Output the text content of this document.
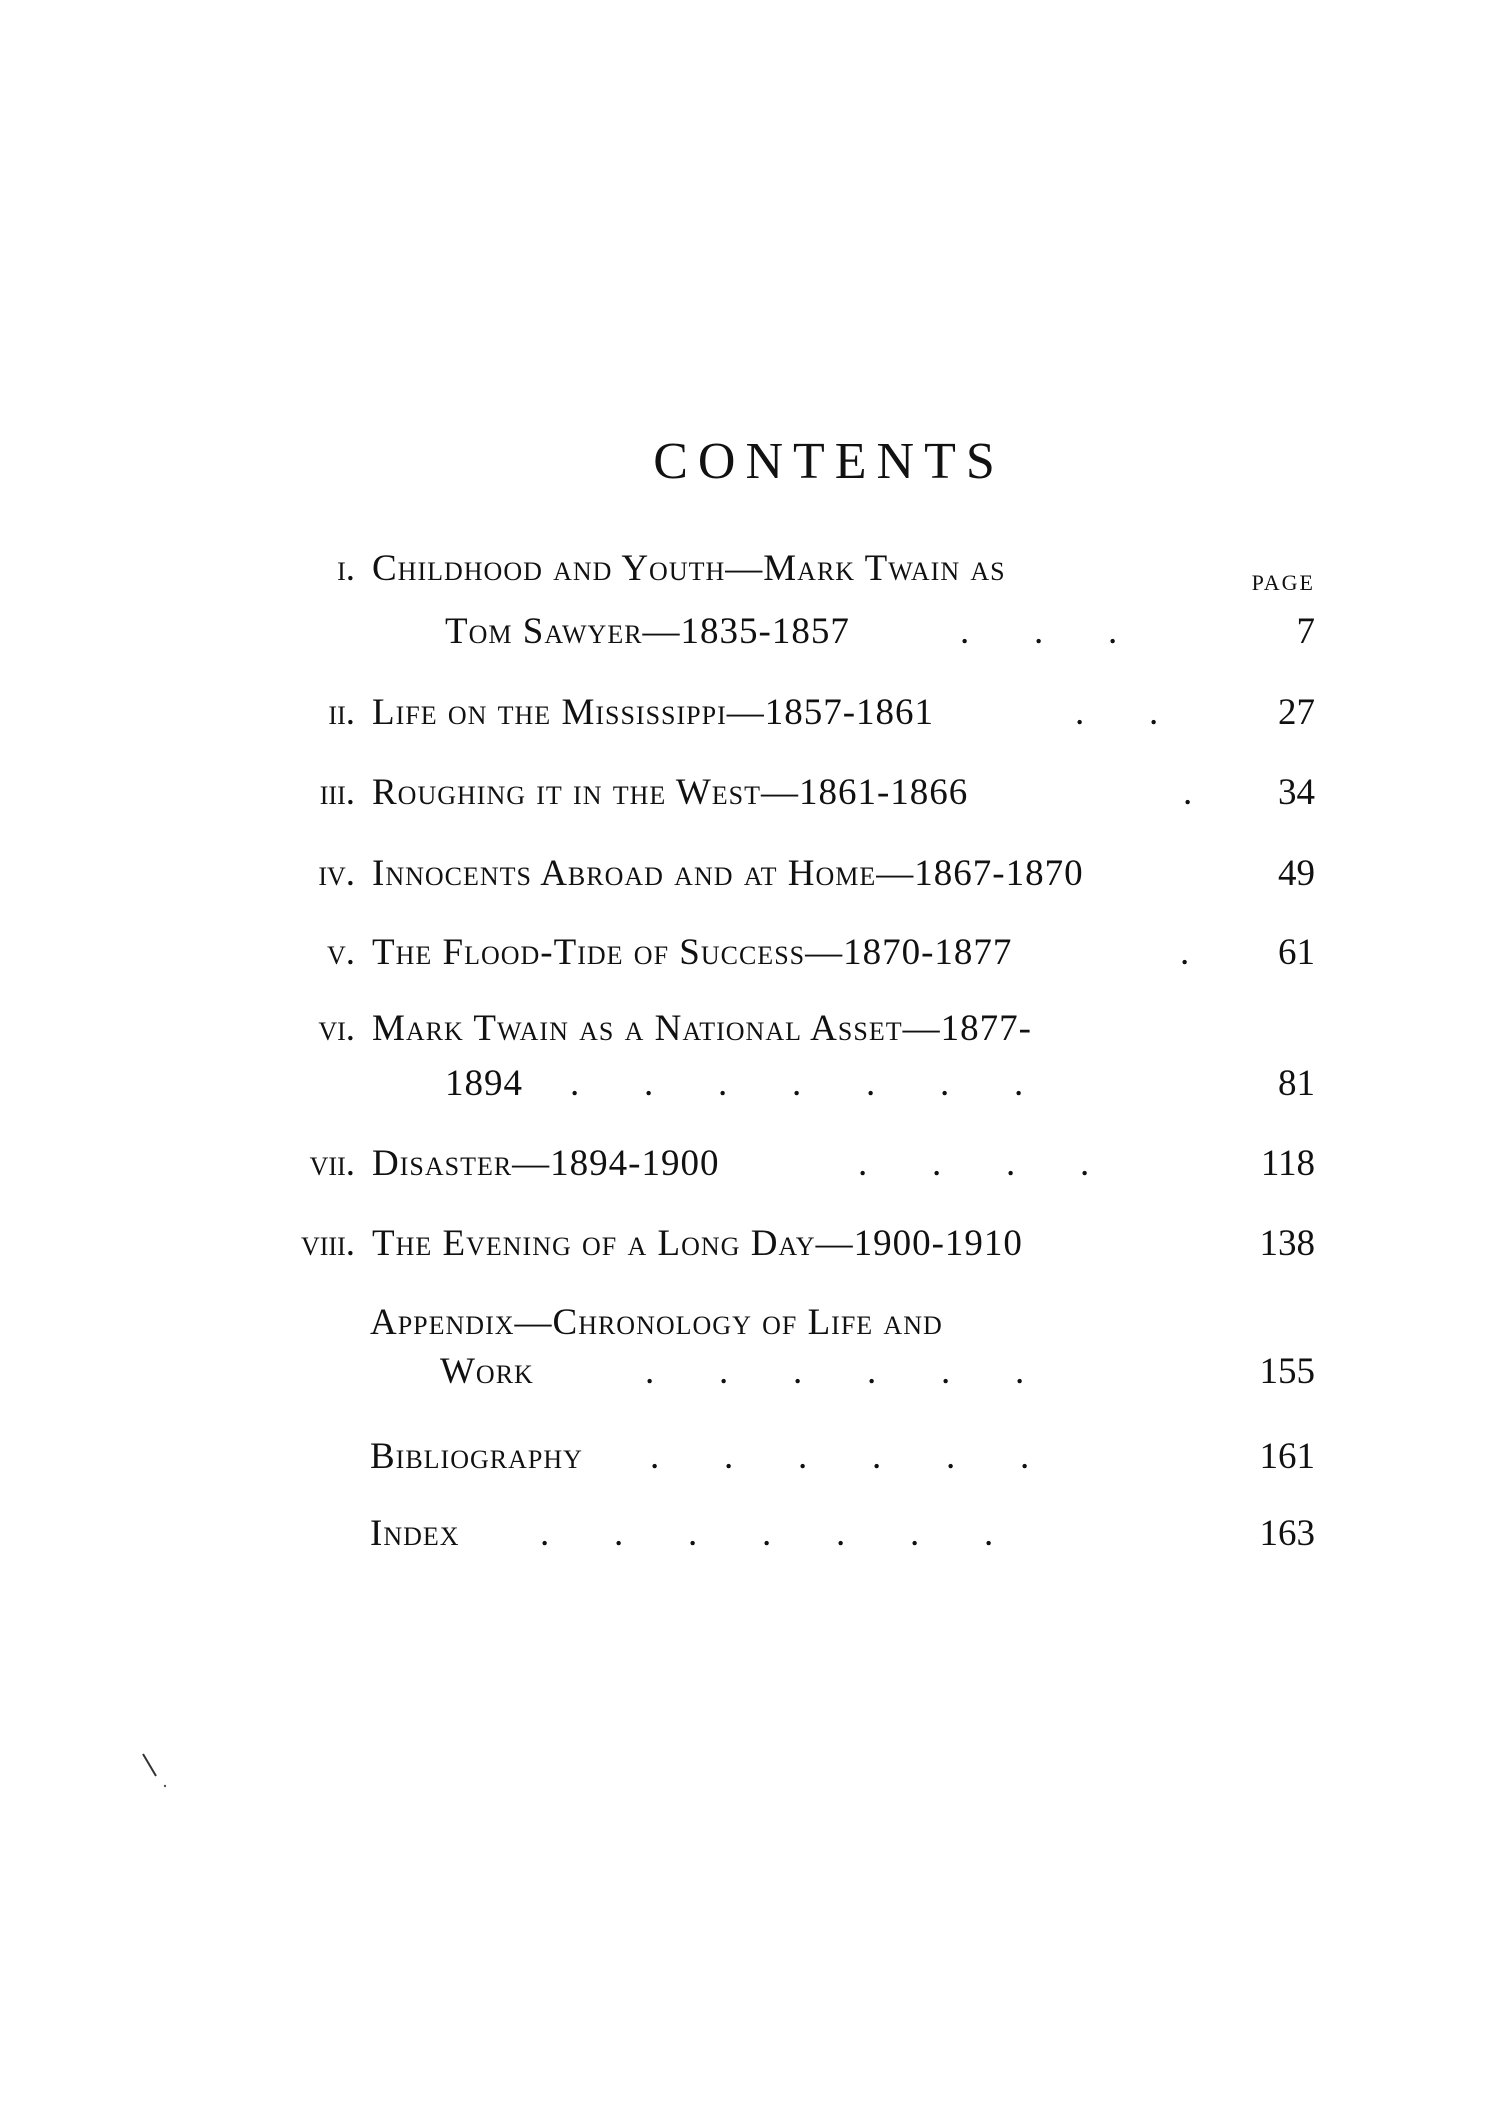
CONTENTS
PAGE
i. Childhood and Youth—Mark Twain as
Tom Sawyer—1835-1857	.       .       .	7
ii. Life on the Mississippi—1857-1861	.       .	27
iii. Roughing it in the West—1861-1866	.	34
iv. Innocents Abroad and at Home—1867-1870	49
v. The Flood-Tide of Success—1870-1877	.	61
vi. Mark Twain as a National Asset—1877-
1894 .       .       .       .       .       .       .	81
vii. Disaster—1894-1900	.       .       .       .	118
viii. The Evening of a Long Day—1900-1910	138
Appendix—Chronology of Life and
Work	.       .       .       .       .       .	155
Bibliography .       .       .       .       .       .	161
Index .       .       .       .       .       .       .	163
